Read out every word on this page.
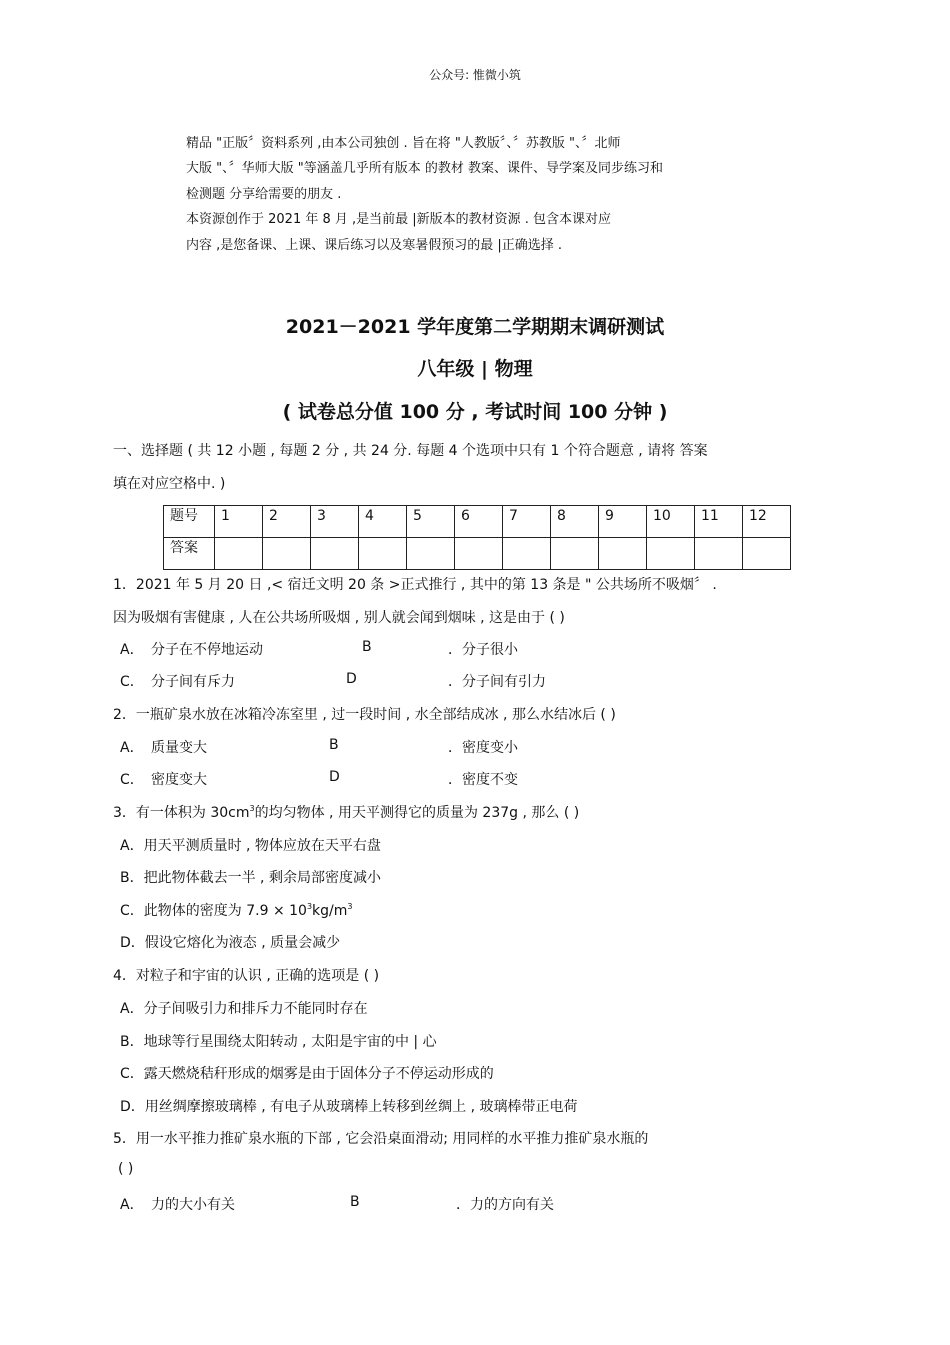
公众号: 惟微小筑
精品 "正版〞资料系列 ,由本公司独创 . 旨在将 "人教版〞、〞苏教版 "、〞北师
大版 "、〞华师大版 "等涵盖几乎所有版本 的教材 教案、课件、导学案及同步练习和
检测题 分享给需要的朋友 .
本资源创作于 2021 年 8 月 ,是当前最 |新版本的教材资源 . 包含本课对应
内容 ,是您备课、上课、课后练习以及寒暑假预习的最 |正确选择 .
2021－2021 学年度第二学期期末调研测试
八年级 | 物理
( 试卷总分值 100 分 , 考试时间 100 分钟 )
一、选择题 ( 共 12 小题 , 每题 2 分 , 共 24 分. 每题 4 个选项中只有 1 个符合题意 , 请将 答案
填在对应空格中. )
题号	1	2	3	4	5	6	7	8	9	10	11	12
答案												
1．2021 年 5 月 20 日 ,< 宿迁文明 20 条 >正式推行 , 其中的第 13 条是 " 公共场所不吸烟〞 .
因为吸烟有害健康 , 人在公共场所吸烟 , 别人就会闻到烟味 , 这是由于 ( )
A． 分子在不停地运动	B	．分子很小
C． 分子间有斥力	D	．分子间有引力
2．一瓶矿泉水放在冰箱冷冻室里 , 过一段时间 , 水全部结成冰 , 那么水结冰后 ( )
A． 质量变大	B	．密度变小
C． 密度变大	D	．密度不变
3．有一体积为 $30cm^3$的均匀物体 , 用天平测得它的质量为 237g , 那么 ( )
A．用天平测质量时 , 物体应放在天平右盘
B．把此物体截去一半 , 剩余局部密度减小
C．此物体的密度为 $7.9 \times 10^3kg/m^3$
D．假设它熔化为液态 , 质量会减少
4．对粒子和宇宙的认识 , 正确的选项是 ( )
A．分子间吸引力和排斥力不能同时存在
B．地球等行星围绕太阳转动 , 太阳是宇宙的中 | 心
C．露天燃烧秸秆形成的烟雾是由于固体分子不停运动形成的
D．用丝绸摩擦玻璃棒 , 有电子从玻璃棒上转移到丝绸上 , 玻璃棒带正电荷
5．用一水平推力推矿泉水瓶的下部 , 它会沿桌面滑动; 用同样的水平推力推矿泉水瓶的
( )
A． 力的大小有关	B	．力的方向有关
